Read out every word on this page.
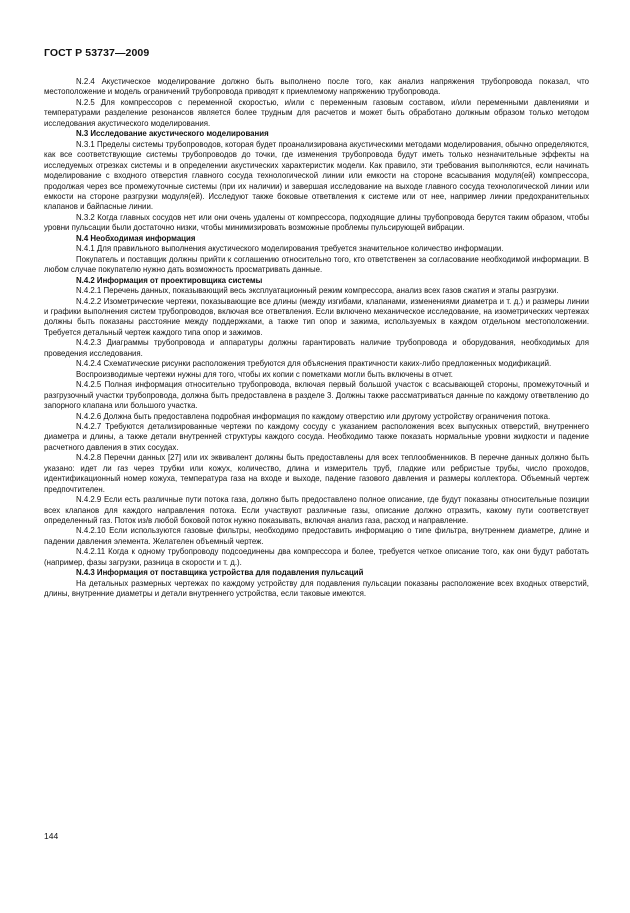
ГОСТ Р 53737—2009

N.2.4 Акустическое моделирование должно быть выполнено после того, как анализ напряжения трубопровода показал, что местоположение и модель ограничений трубопровода приводят к приемлемому напряжению трубопровода.

N.2.5 Для компрессоров с переменной скоростью, и/или с переменным газовым составом, и/или переменными давлениями и температурами разделение резонансов является более трудным для расчетов и может быть обработано должным образом только методом исследования акустического моделирования.

N.3 Исследование акустического моделирования

N.3.1 Пределы системы трубопроводов, которая будет проанализирована акустическими методами моделирования, обычно определяются, как все соответствующие системы трубопроводов до точки, где изменения трубопровода будут иметь только незначительные эффекты на исследуемых отрезках системы и в определении акустических характеристик модели. Как правило, эти требования выполняются, если начинать моделирование с входного отверстия главного сосуда технологической линии или емкости на стороне всасывания модуля(ей) компрессора, продолжая через все промежуточные системы (при их наличии) и завершая исследование на выходе главного сосуда технологической линии или емкости на стороне разгрузки модуля(ей). Исследуют также боковые ответвления к системе или от нее, например линии предохранительных клапанов и байпасные линии.

N.3.2 Когда главных сосудов нет или они очень удалены от компрессора, подходящие длины трубопровода берутся таким образом, чтобы уровни пульсации были достаточно низки, чтобы минимизировать возможные проблемы пульсирующей вибрации.

N.4 Необходимая информация

N.4.1 Для правильного выполнения акустического моделирования требуется значительное количество информации.

Покупатель и поставщик должны прийти к соглашению относительно того, кто ответственен за согласование необходимой информации. В любом случае покупателю нужно дать возможность просматривать данные.

N.4.2 Информация от проектировщика системы

N.4.2.1 Перечень данных, показывающий весь эксплуатационный режим компрессора, анализ всех газов сжатия и этапы разгрузки.

N.4.2.2 Изометрические чертежи, показывающие все длины (между изгибами, клапанами, изменениями диаметра и т. д.) и размеры линии и графики выполнения систем трубопроводов, включая все ответвления. Если включено механическое исследование, на изометрических чертежах должны быть показаны расстояние между поддержками, а также тип опор и зажима, используемых в каждом отдельном местоположении. Требуется детальный чертеж каждого типа опор и зажимов.

N.4.2.3 Диаграммы трубопровода и аппаратуры должны гарантировать наличие трубопровода и оборудования, необходимых для проведения исследования.

N.4.2.4 Схематические рисунки расположения требуются для объяснения практичности каких-либо предложенных модификаций.

Воспроизводимые чертежи нужны для того, чтобы их копии с пометками могли быть включены в отчет.

N.4.2.5 Полная информация относительно трубопровода, включая первый большой участок с всасывающей стороны, промежуточный и разгрузочный участки трубопровода, должна быть предоставлена в разделе 3. Должны также рассматриваться данные по каждому ответвлению до запорного клапана или большого участка.

N.4.2.6 Должна быть предоставлена подробная информация по каждому отверстию или другому устройству ограничения потока.

N.4.2.7 Требуются детализированные чертежи по каждому сосуду с указанием расположения всех выпускных отверстий, внутреннего диаметра и длины, а также детали внутренней структуры каждого сосуда. Необходимо также показать нормальные уровни жидкости и падение расчетного давления в этих сосудах.

N.4.2.8 Перечни данных [27] или их эквивалент должны быть предоставлены для всех теплообменников. В перечне данных должно быть указано: идет ли газ через трубки или кожух, количество, длина и измеритель труб, гладкие или ребристые трубы, число проходов, идентификационный номер кожуха, температура газа на входе и выходе, падение газового давления и размеры коллектора. Объемный чертеж предпочтителен.

N.4.2.9 Если есть различные пути потока газа, должно быть предоставлено полное описание, где будут показаны относительные позиции всех клапанов для каждого направления потока. Если участвуют различные газы, описание должно отразить, какому пути соответствует определенный газ. Поток из/в любой боковой поток нужно показывать, включая анализ газа, расход и направление.

N.4.2.10 Если используются газовые фильтры, необходимо предоставить информацию о типе фильтра, внутреннем диаметре, длине и падении давления элемента. Желателен объемный чертеж.

N.4.2.11 Когда к одному трубопроводу подсоединены два компрессора и более, требуется четкое описание того, как они будут работать (например, фазы загрузки, разница в скорости и т. д.).

N.4.3 Информация от поставщика устройства для подавления пульсаций

На детальных размерных чертежах по каждому устройству для подавления пульсации показаны расположение всех входных отверстий, длины, внутренние диаметры и детали внутреннего устройства, если таковые имеются.

144
